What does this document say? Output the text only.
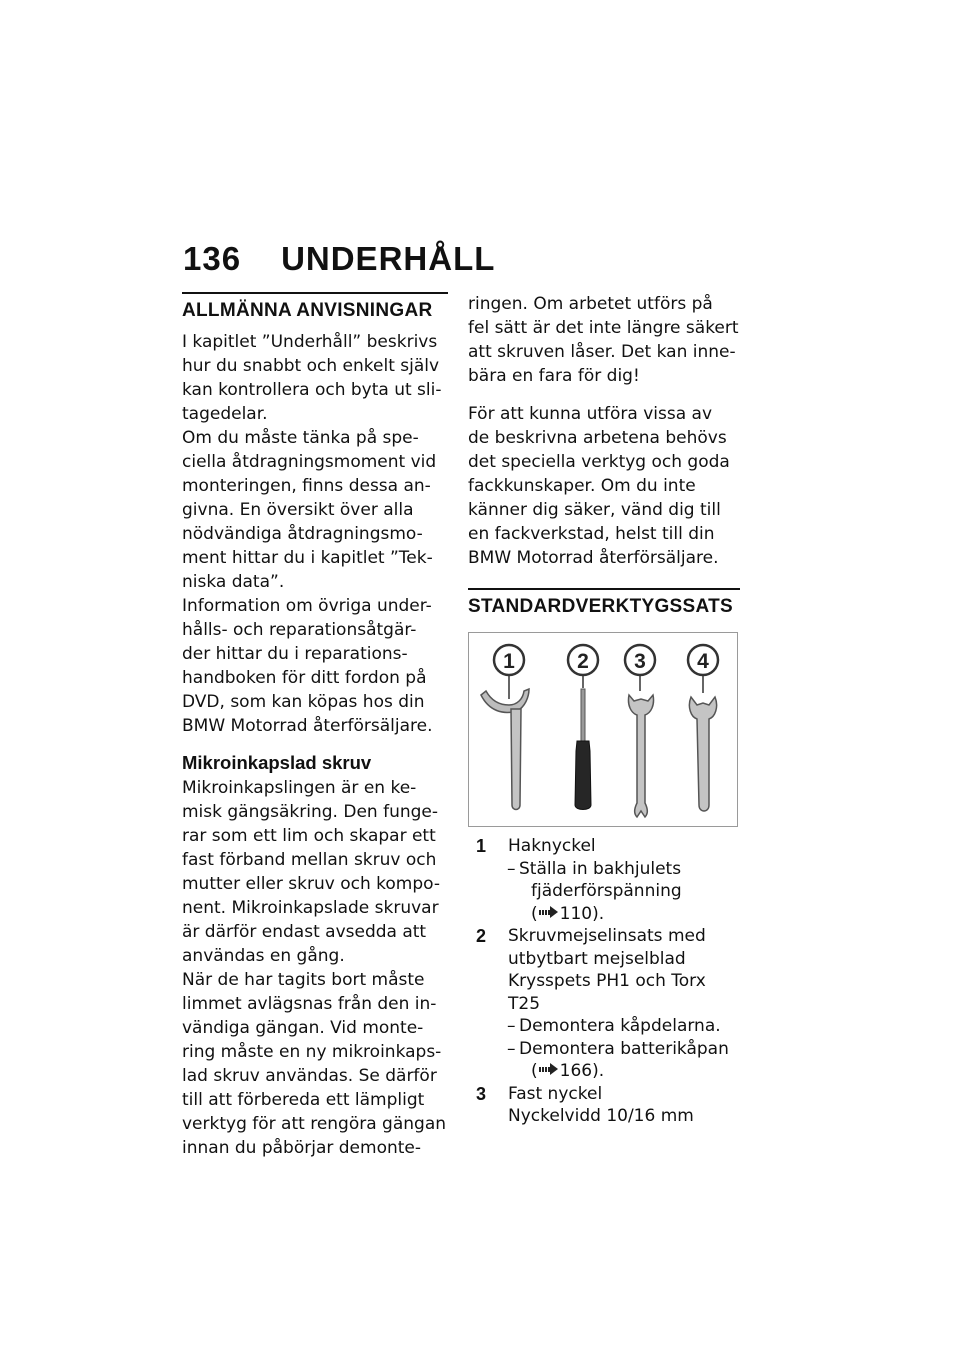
136 UNDERHÅLL
ALLMÄNNA ANVISNINGAR
I kapitlet ”Underhåll” beskrivs
hur du snabbt och enkelt själv
kan kontrollera och byta ut sli-
tagedelar.
Om du måste tänka på spe-
ciella åtdragningsmoment vid
monteringen, finns dessa an-
givna. En översikt över alla
nödvändiga åtdragningsmo-
ment hittar du i kapitlet ”Tek-
niska data”.
Information om övriga under-
hålls- och reparationsåtgär-
der hittar du i reparations-
handboken för ditt fordon på
DVD, som kan köpas hos din
BMW Motorrad återförsäljare.
Mikroinkapslad skruv
Mikroinkapslingen är en ke-
misk gängsäkring. Den funge-
rar som ett lim och skapar ett
fast förband mellan skruv och
mutter eller skruv och kompo-
nent. Mikroinkapslade skruvar
är därför endast avsedda att
användas en gång.
När de har tagits bort måste
limmet avlägsnas från den in-
vändiga gängan. Vid monte-
ring måste en ny mikroinkaps-
lad skruv användas. Se därför
till att förbereda ett lämpligt
verktyg för att rengöra gängan
innan du påbörjar demonte-
ringen. Om arbetet utförs på
fel sätt är det inte längre säkert
att skruven låser. Det kan inne-
bära en fara för dig!
För att kunna utföra vissa av
de beskrivna arbetena behövs
det speciella verktyg och goda
fackkunskaper. Om du inte
känner dig säker, vänd dig till
en fackverkstad, helst till din
BMW Motorrad återförsäljare.
STANDARDVERKTYGSSATS
1	2 3 4
1	Haknyckel
– Ställa in bakhjulets
fjäderförspänning
( 110).
2	Skruvmejselinsats med
utbytbart mejselblad
Krysspets PH1 och Torx
T25
– Demontera kåpdelarna.
– Demontera batterikåpan
( 166).
3	Fast nyckel
Nyckelvidd 10/16 mm
